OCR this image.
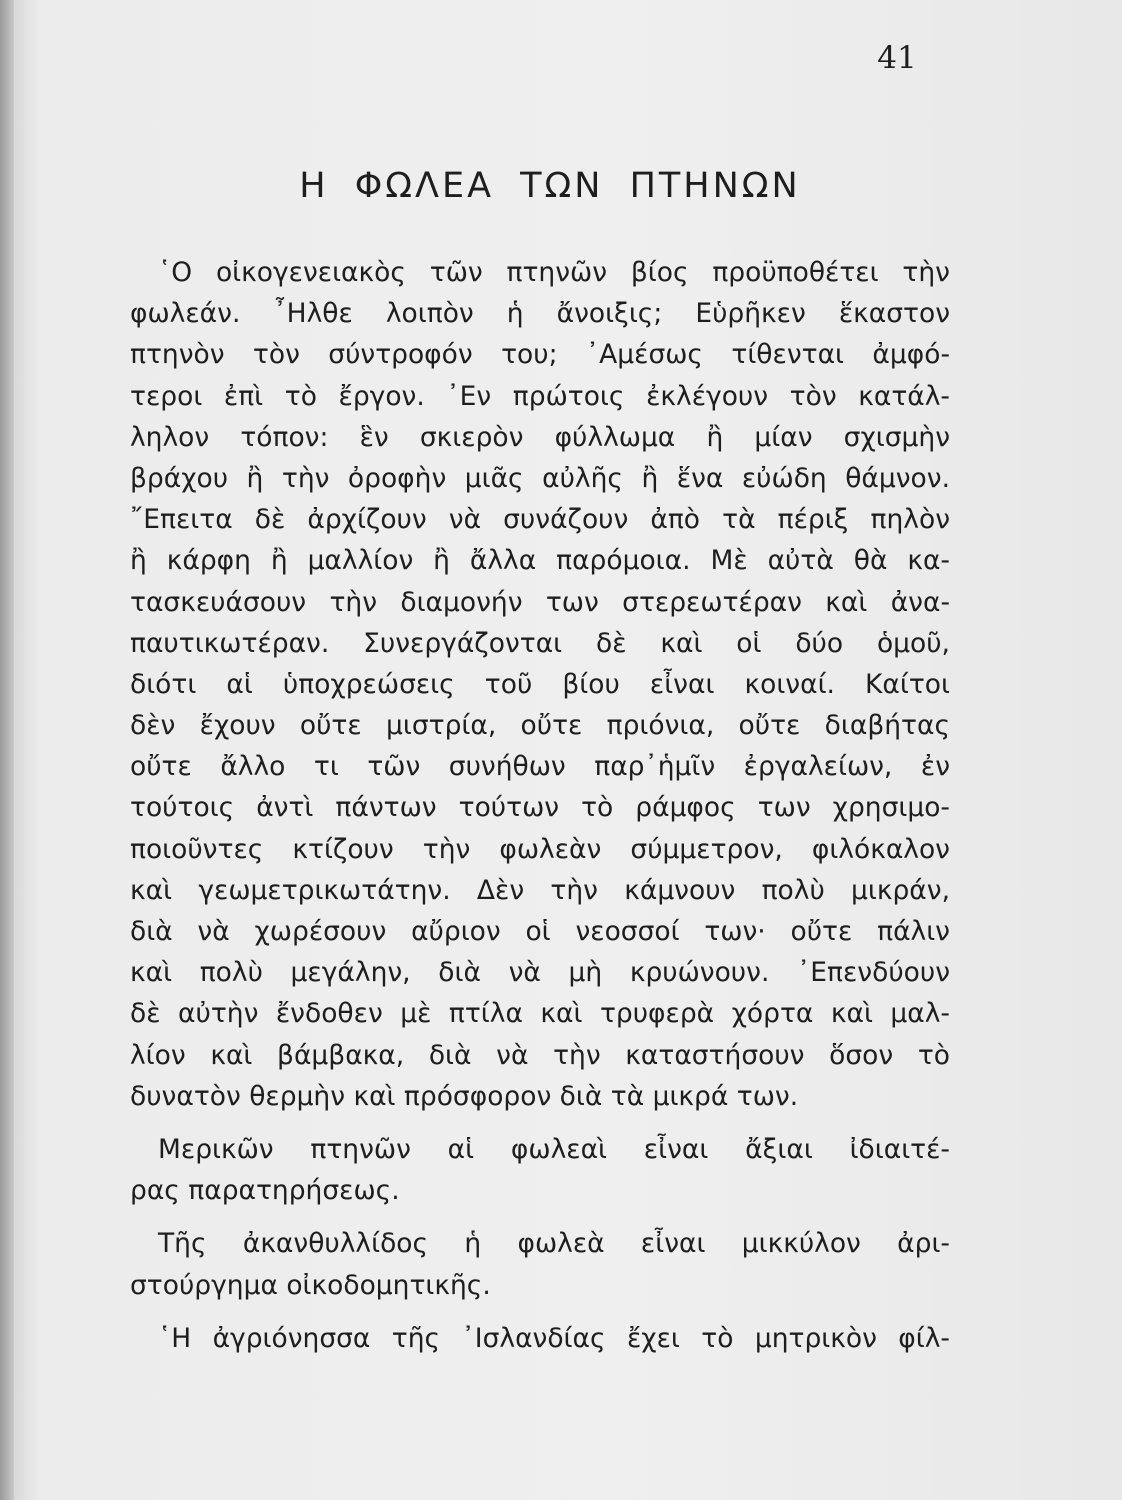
41
Η ΦΩΛΕΑ ΤΩΝ ΠΤΗΝΩΝ
῾Ο οἰκογενειακὸς τῶν πτηνῶν βίος προϋποθέτει τὴν
φωλεάν. ῏Ηλθε λοιπὸν ἡ ἄνοιξις; Εὑρῆκεν ἕκαστον
πτηνὸν τὸν σύντροφόν του; ᾿Αμέσως τίθενται ἀμφό-
τεροι ἐπὶ τὸ ἔργον. ᾿Εν πρώτοις ἐκλέγουν τὸν κατάλ-
ληλον τόπον: ἓν σκιερὸν φύλλωμα ἢ μίαν σχισμὴν
βράχου ἢ τὴν ὀροφὴν μιᾶς αὐλῆς ἢ ἕνα εὐώδη θάμνον.
῎Επειτα δὲ ἀρχίζουν νὰ συνάζουν ἀπὸ τὰ πέριξ πηλὸν
ἢ κάρφη ἢ μαλλίον ἢ ἄλλα παρόμοια. Μὲ αὐτὰ θὰ κα-
τασκευάσουν τὴν διαμονήν των στερεωτέραν καὶ ἀνα-
παυτικωτέραν. Συνεργάζονται δὲ καὶ οἱ δύο ὁμοῦ,
διότι αἱ ὑποχρεώσεις τοῦ βίου εἶναι κοιναί. Καίτοι
δὲν ἔχουν οὔτε μιστρία, οὔτε πριόνια, οὔτε διαβήτας
οὔτε ἄλλο τι τῶν συνήθων παρ᾿ἡμῖν ἐργαλείων, ἐν
τούτοις ἀντὶ πάντων τούτων τὸ ράμφος των χρησιμο-
ποιοῦντες κτίζουν τὴν φωλεὰν σύμμετρον, φιλόκαλον
καὶ γεωμετρικωτάτην. Δὲν τὴν κάμνουν πολὺ μικράν,
διὰ νὰ χωρέσουν αὔριον οἱ νεοσσοί των· οὔτε πάλιν
καὶ πολὺ μεγάλην, διὰ νὰ μὴ κρυώνουν. ᾿Επενδύουν
δὲ αὐτὴν ἔνδοθεν μὲ πτίλα καὶ τρυφερὰ χόρτα καὶ μαλ-
λίον καὶ βάμβακα, διὰ νὰ τὴν καταστήσουν ὅσον τὸ
δυνατὸν θερμὴν καὶ πρόσφορον διὰ τὰ μικρά των.
Μερικῶν πτηνῶν αἱ φωλεαὶ εἶναι ἄξιαι ἰδιαιτέ-
ρας παρατηρήσεως.
Τῆς ἀκανθυλλίδος ἡ φωλεὰ εἶναι μικκύλον ἀρι-
στούργημα οἰκοδομητικῆς.
῾Η ἀγριόνησσα τῆς ᾿Ισλανδίας ἔχει τὸ μητρικὸν φίλ-
